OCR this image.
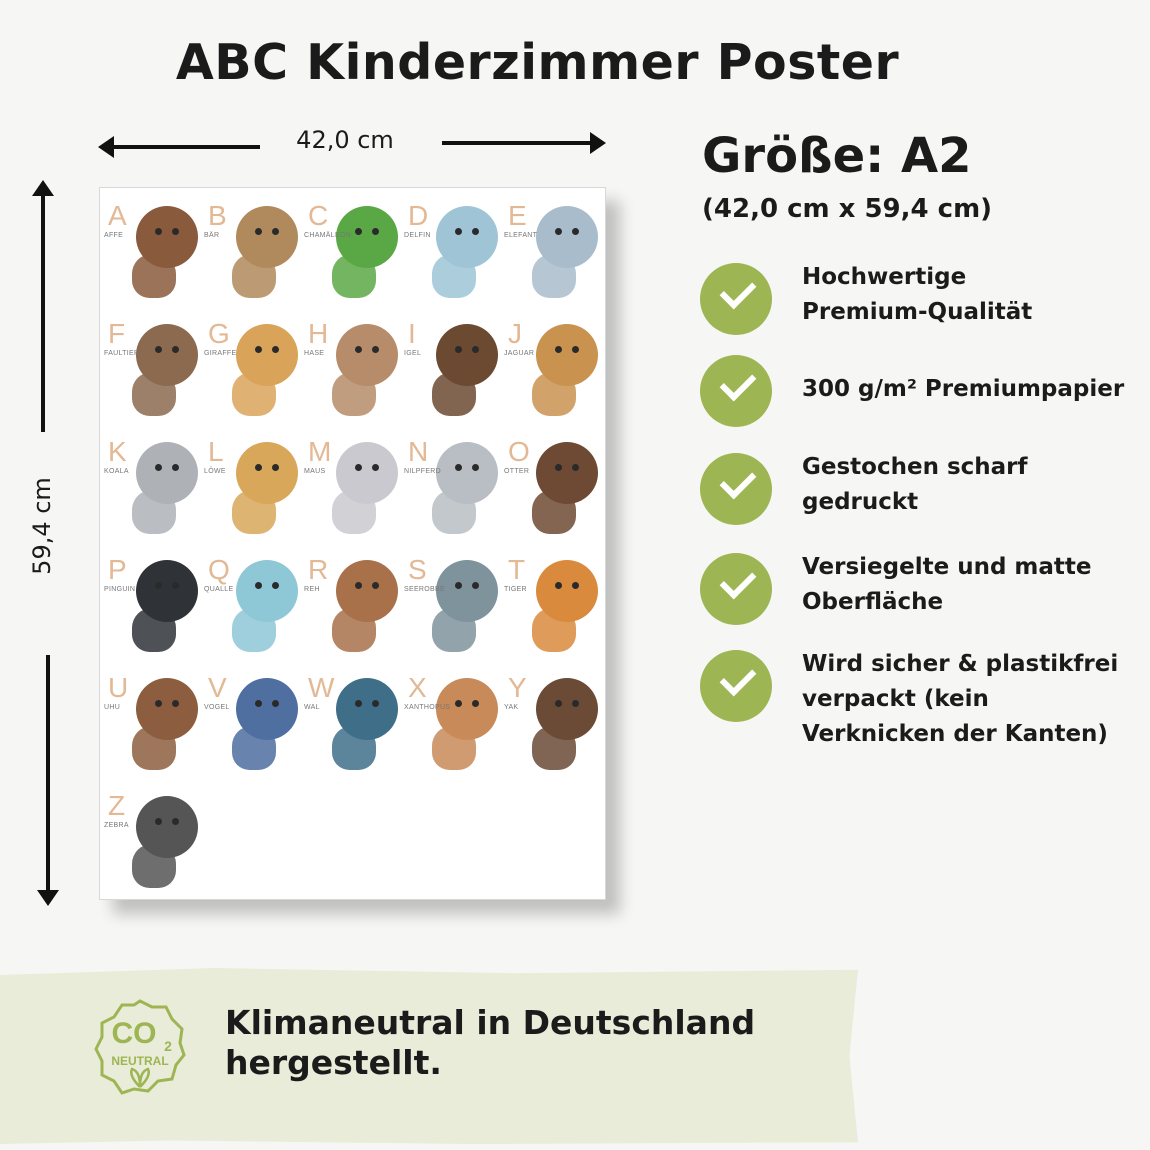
ABC Kinderzimmer Poster
42,0 cm
59,4 cm
A
AFFE
B
BÄR
C
CHAMÄLEON
D
DELFIN
E
ELEFANT
F
FAULTIER
G
GIRAFFE
H
HASE
I
IGEL
J
JAGUAR
K
KOALA
L
LÖWE
M
MAUS
N
NILPFERD
O
OTTER
P
PINGUIN
Q
QUALLE
R
REH
S
SEEROBBE
T
TIGER
U
UHU
V
VOGEL
W
WAL
X
XANTHOPUS
Y
YAK
Z
ZEBRA
Größe: A2
(42,0 cm x 59,4 cm)
Hochwertige
Premium-Qualität
300 g/m² Premiumpapier
Gestochen scharf
gedruckt
Versiegelte und matte
Oberfläche
Wird sicher & plastikfrei
verpackt (kein
Verknicken der Kanten)
CO 2
NEUTRAL
Klimaneutral in Deutschland
hergestellt.
